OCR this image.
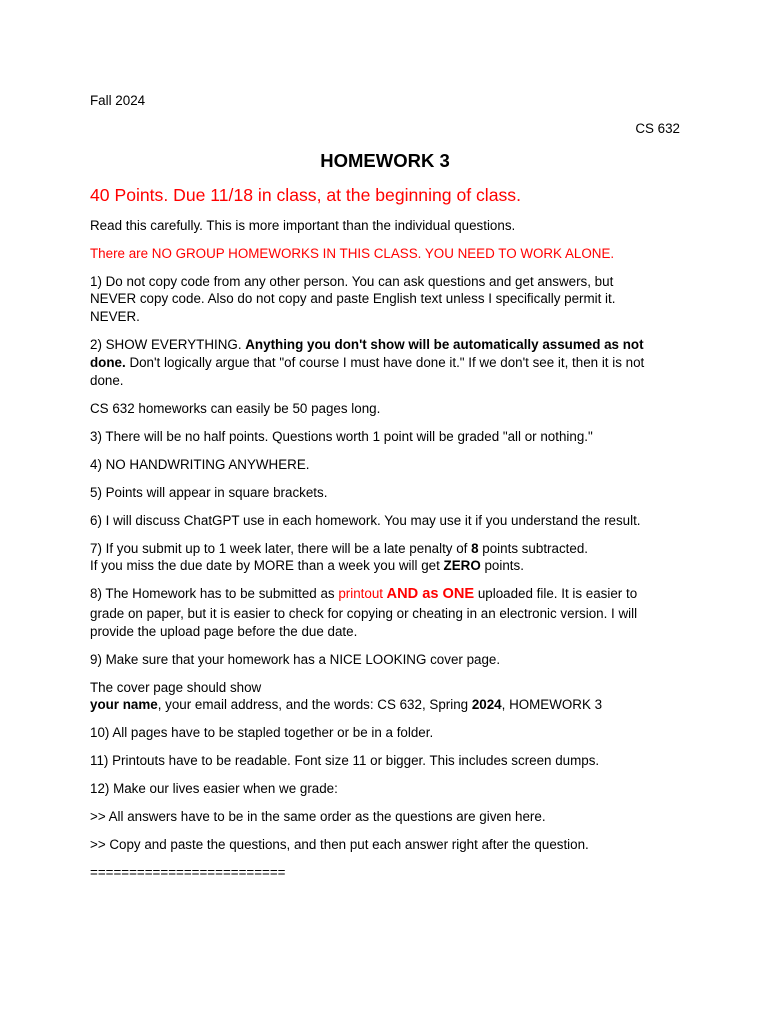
Fall 2024
CS 632
HOMEWORK 3
40 Points. Due 11/18 in class, at the beginning of class.
Read this carefully. This is more important than the individual questions.
There are NO GROUP HOMEWORKS IN THIS CLASS. YOU NEED TO WORK ALONE.
1) Do not copy code from any other person. You can ask questions and get answers, but
NEVER copy code. Also do not copy and paste English text unless I specifically permit it.
NEVER.
2) SHOW EVERYTHING. Anything you don't show will be automatically assumed as not
done. Don't logically argue that "of course I must have done it." If we don't see it, then it is not
done.
CS 632 homeworks can easily be 50 pages long.
3) There will be no half points. Questions worth 1 point will be graded "all or nothing."
4) NO HANDWRITING ANYWHERE.
5) Points will appear in square brackets.
6) I will discuss ChatGPT use in each homework. You may use it if you understand the result.
7) If you submit up to 1 week later, there will be a late penalty of 8 points subtracted.
If you miss the due date by MORE than a week you will get ZERO points.
8) The Homework has to be submitted as printout AND as ONE uploaded file. It is easier to
grade on paper, but it is easier to check for copying or cheating in an electronic version. I will
provide the upload page before the due date.
9) Make sure that your homework has a NICE LOOKING cover page.
The cover page should show
your name, your email address, and the words: CS 632, Spring 2024, HOMEWORK 3
10) All pages have to be stapled together or be in a folder.
11) Printouts have to be readable. Font size 11 or bigger. This includes screen dumps.
12) Make our lives easier when we grade:
>> All answers have to be in the same order as the questions are given here.
>> Copy and paste the questions, and then put each answer right after the question.
=========================
